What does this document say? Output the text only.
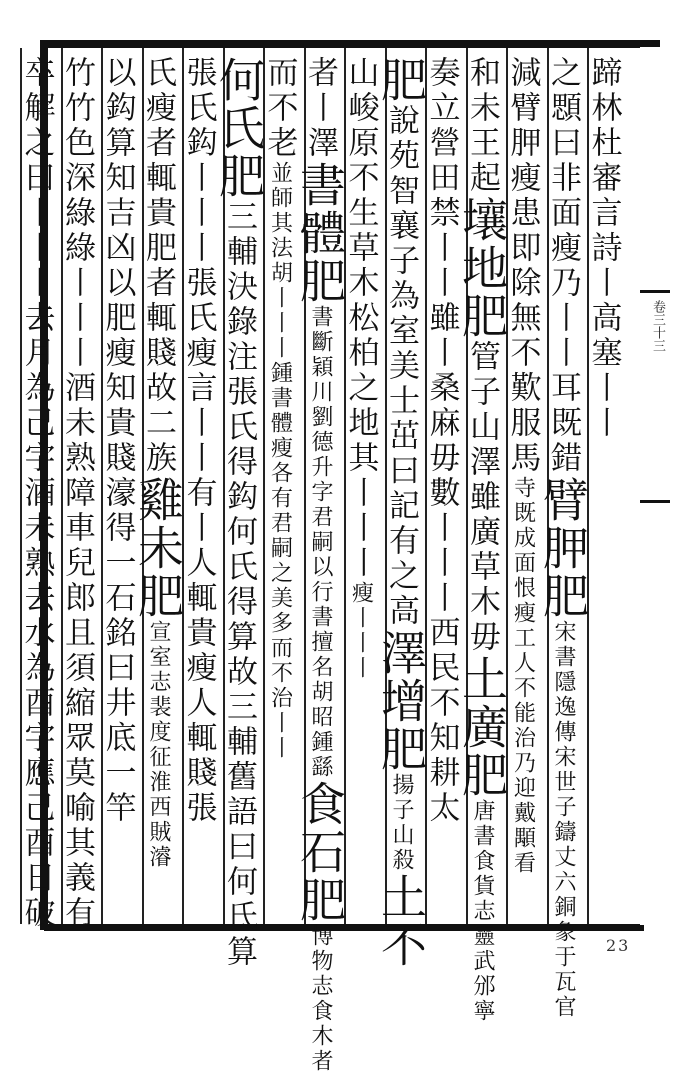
卷三十三
蹄林杜審言詩丨高塞丨丨
之顋曰非面瘦乃丨丨耳既錯臂胛肥宋書隱逸傳宋世子鑄丈六銅象于瓦官
減臂胛瘦患即除無不歎服馬寺既成面恨瘦工人不能治乃迎戴顒看
和未王起壤地肥管子山澤雖廣草木毋土廣肥唐書食貨志靈武邠寧
奏立營田禁丨丨雖丨桑麻毋數丨丨丨西民不知耕太
肥說苑智襄子為室美士茁曰記有之高澤增肥揚子山殺土不
山峻原不生草木松柏之地其丨丨丨瘦丨丨丨
者丨澤書體肥書斷穎川劉德升字君嗣以行書擅名胡昭鍾繇食石肥博物志食木者
而不老並師其法胡丨丨丨鍾書體瘦各有君嗣之美多而不治丨丨
何氏肥三輔決錄注張氏得鈎何氏得算故三輔舊語曰何氏算
張氏鈎丨丨丨張氏瘦言丨丨有丨人輒貴瘦人輒賤張
氏瘦者輒貴肥者輒賤故二族雞未肥宣室志裴度征淮西賊濬
以鈎算知吉凶以肥瘦知貴賤濠得一石銘曰井底一竿
竹竹色深綠綠丨丨丨酒未熟障車兒郎且須縮眾莫喻其義有
卒解之曰丨丨丨去月為己字酒未熟去水為酉字應己酉日破
23
